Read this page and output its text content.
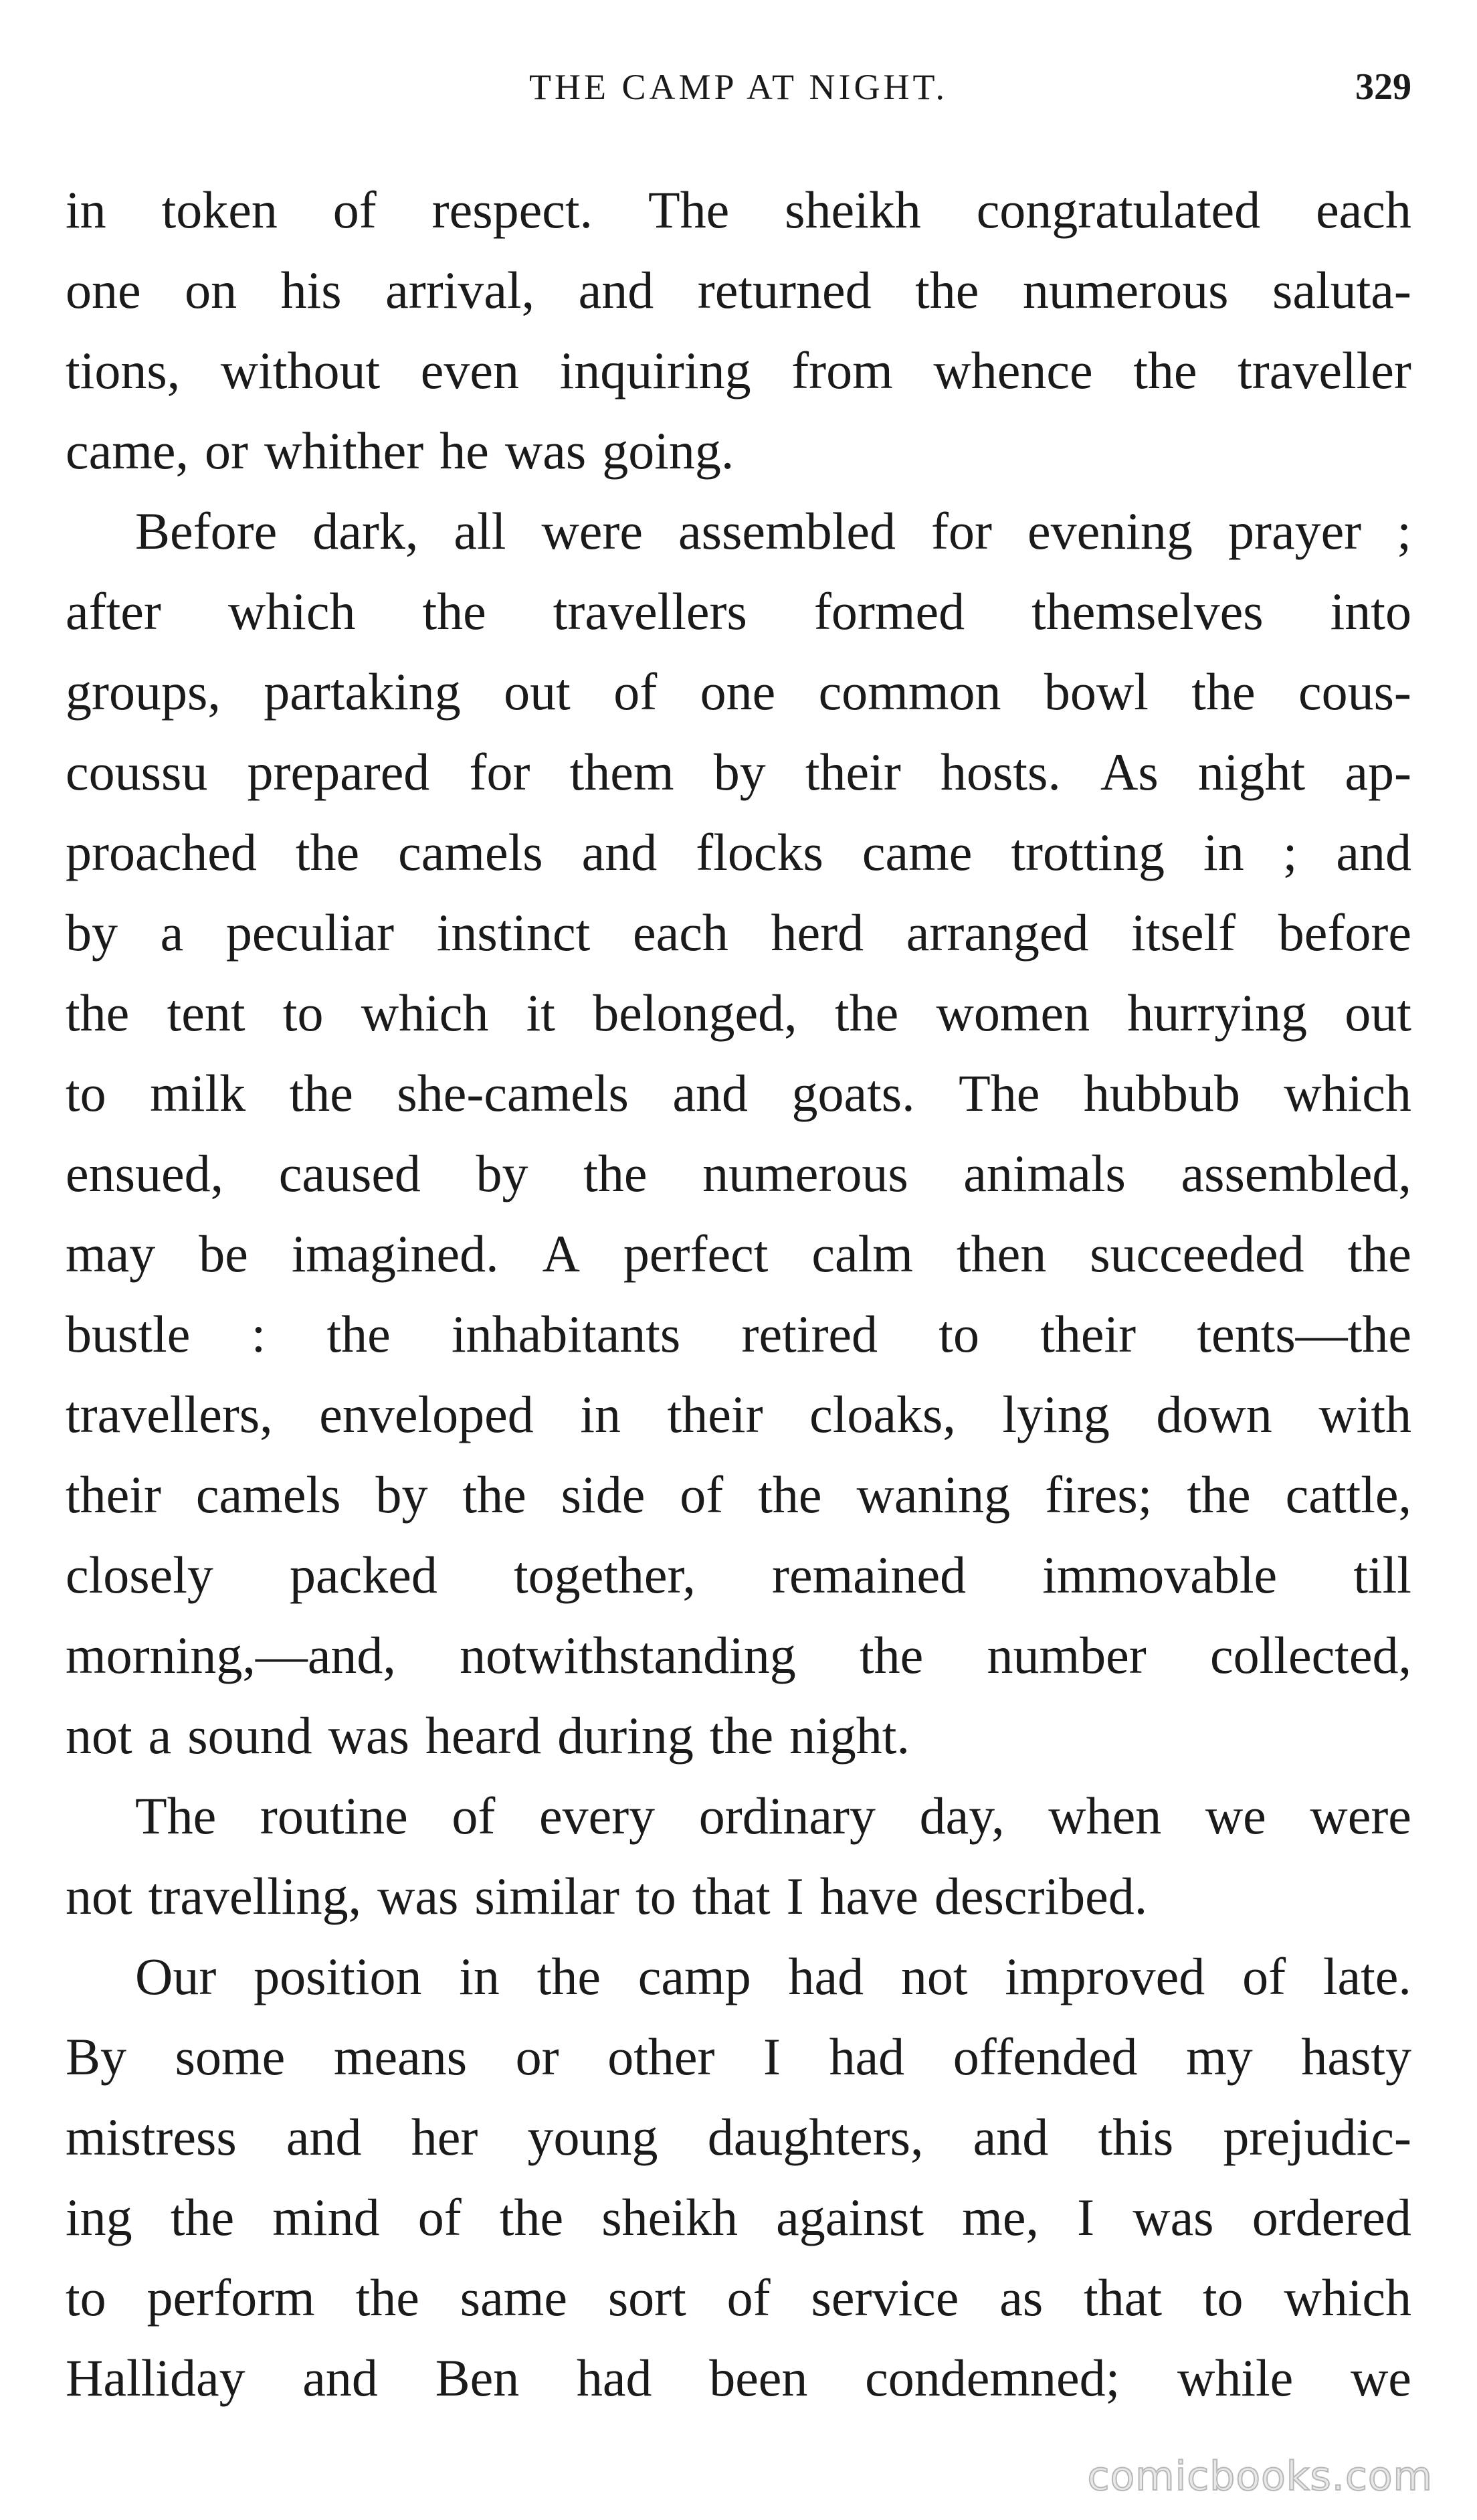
THE CAMP AT NIGHT.	329
in token of respect. The sheikh congratulated each
one on his arrival, and returned the numerous saluta-
tions, without even inquiring from whence the traveller
came, or whither he was going.
Before dark, all were assembled for evening prayer ;
after which the travellers formed themselves into
groups, partaking out of one common bowl the cous-
coussu prepared for them by their hosts. As night ap-
proached the camels and flocks came trotting in ; and
by a peculiar instinct each herd arranged itself before
the tent to which it belonged, the women hurrying out
to milk the she-camels and goats. The hubbub which
ensued, caused by the numerous animals assembled,
may be imagined. A perfect calm then succeeded the
bustle : the inhabitants retired to their tents—the
travellers, enveloped in their cloaks, lying down with
their camels by the side of the waning fires; the cattle,
closely packed together, remained immovable till
morning,—and, notwithstanding the number collected,
not a sound was heard during the night.
The routine of every ordinary day, when we were
not travelling, was similar to that I have described.
Our position in the camp had not improved of late.
By some means or other I had offended my hasty
mistress and her young daughters, and this prejudic-
ing the mind of the sheikh against me, I was ordered
to perform the same sort of service as that to which
Halliday and Ben had been condemned; while we
comicbooks.com
